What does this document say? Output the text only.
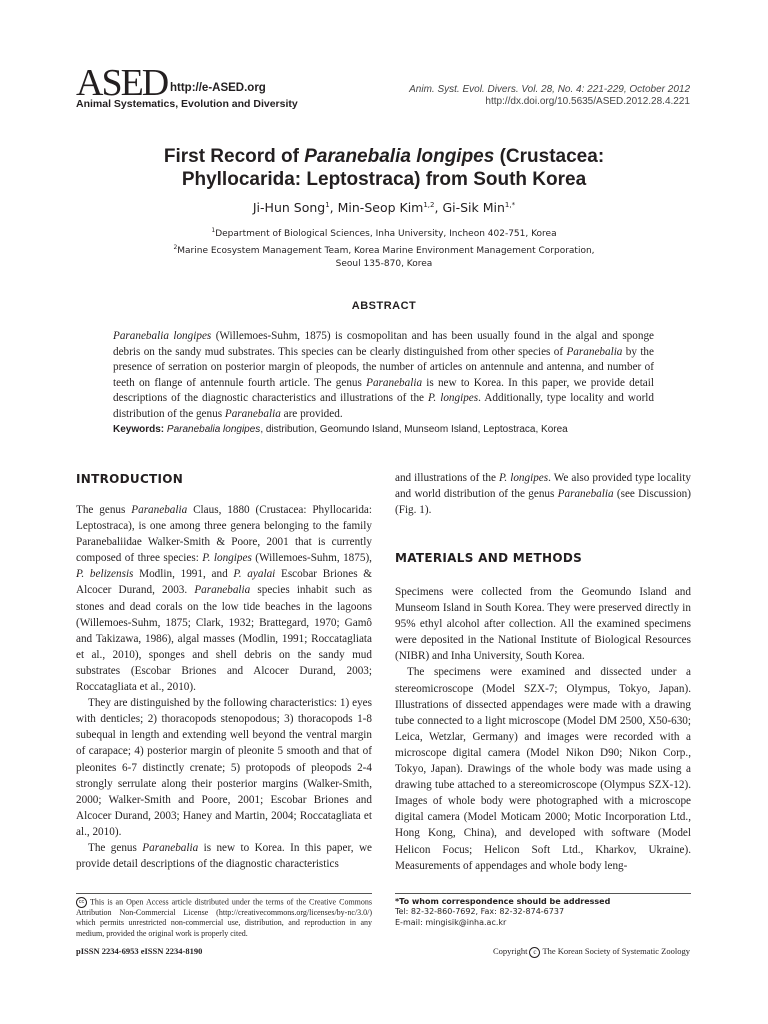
ASED http://e-ASED.org
Animal Systematics, Evolution and Diversity
Anim. Syst. Evol. Divers. Vol. 28, No. 4: 221-229, October 2012
http://dx.doi.org/10.5635/ASED.2012.28.4.221
First Record of Paranebalia longipes (Crustacea:
Phyllocarida: Leptostraca) from South Korea
Ji-Hun Song$^1$, Min-Seop Kim$^{1,2}$, Gi-Sik Min$^{1,*}$
$^1$Department of Biological Sciences, Inha University, Incheon 402-751, Korea
$^2$Marine Ecosystem Management Team, Korea Marine Environment Management Corporation,
Seoul 135-870, Korea
ABSTRACT
Paranebalia longipes (Willemoes-Suhm, 1875) is cosmopolitan and has been usually found in the algal and sponge debris on the sandy mud substrates. This species can be clearly distinguished from other species of Paranebalia by the presence of serration on posterior margin of pleopods, the number of articles on antennule and antenna, and number of teeth on flange of antennule fourth article. The genus Paranebalia is new to Korea. In this paper, we provide detail descriptions of the diagnostic characteristics and illustrations of the P. longipes. Additionally, type locality and world distribution of the genus Paranebalia are provided.
Keywords: Paranebalia longipes, distribution, Geomundo Island, Munseom Island, Leptostraca, Korea
INTRODUCTION

The genus Paranebalia Claus, 1880 (Crustacea: Phyllocarida: Leptostraca), is one among three genera belonging to the family Paranebaliidae Walker-Smith & Poore, 2001 that is currently composed of three species: P. longipes (Willemoes-Suhm, 1875), P. belizensis Modlin, 1991, and P. ayalai Escobar Briones & Alcocer Durand, 2003. Paranebalia species inhabit such as stones and dead corals on the low tide beaches in the lagoons (Willemoes-Suhm, 1875; Clark, 1932; Brattegard, 1970; Gamô and Takizawa, 1986), algal masses (Modlin, 1991; Roccatagliata et al., 2010), sponges and shell debris on the sandy mud substrates (Escobar Briones and Alcocer Durand, 2003; Roccatagliata et al., 2010).

They are distinguished by the following characteristics: 1) eyes with denticles; 2) thoracopods stenopodous; 3) thoracopods 1-8 subequal in length and extending well beyond the ventral margin of carapace; 4) posterior margin of pleonite 5 smooth and that of pleonites 6-7 distinctly crenate; 5) protopods of pleopods 2-4 strongly serrulate along their posterior margins (Walker-Smith, 2000; Walker-Smith and Poore, 2001; Escobar Briones and Alcocer Durand, 2003; Haney and Martin, 2004; Roccatagliata et al., 2010).

The genus Paranebalia is new to Korea. In this paper, we provide detail descriptions of the diagnostic characteristics

and illustrations of the P. longipes. We also provided type locality and world distribution of the genus Paranebalia (see Discussion) (Fig. 1).

MATERIALS AND METHODS

Specimens were collected from the Geomundo Island and Munseom Island in South Korea. They were preserved directly in 95% ethyl alcohol after collection. All the examined specimens were deposited in the National Institute of Biological Resources (NIBR) and Inha University, South Korea.

The specimens were examined and dissected under a stereomicroscope (Model SZX-7; Olympus, Tokyo, Japan). Illustrations of dissected appendages were made with a drawing tube connected to a light microscope (Model DM 2500, X50-630; Leica, Wetzlar, Germany) and images were recorded with a microscope digital camera (Model Nikon D90; Nikon Corp., Tokyo, Japan). Drawings of the whole body was made using a drawing tube attached to a stereomicroscope (Olympus SZX-12). Images of whole body were photographed with a microscope digital camera (Model Moticam 2000; Motic Incorporation Ltd., Hong Kong, China), and developed with software (Model Helicon Focus; Helicon Soft Ltd., Kharkov, Ukraine). Measurements of appendages and whole body leng-

cc This is an Open Access article distributed under the terms of the Creative Commons Attribution Non-Commercial License (http://creativecommons.org/licenses/by-nc/3.0/) which permits unrestricted non-commercial use, distribution, and reproduction in any medium, provided the original work is properly cited.
*To whom correspondence should be addressed
Tel: 82-32-860-7692, Fax: 82-32-874-6737
E-mail: mingisik@inha.ac.kr
pISSN 2234-6953 eISSN 2234-8190	Copyright c The Korean Society of Systematic Zoology
